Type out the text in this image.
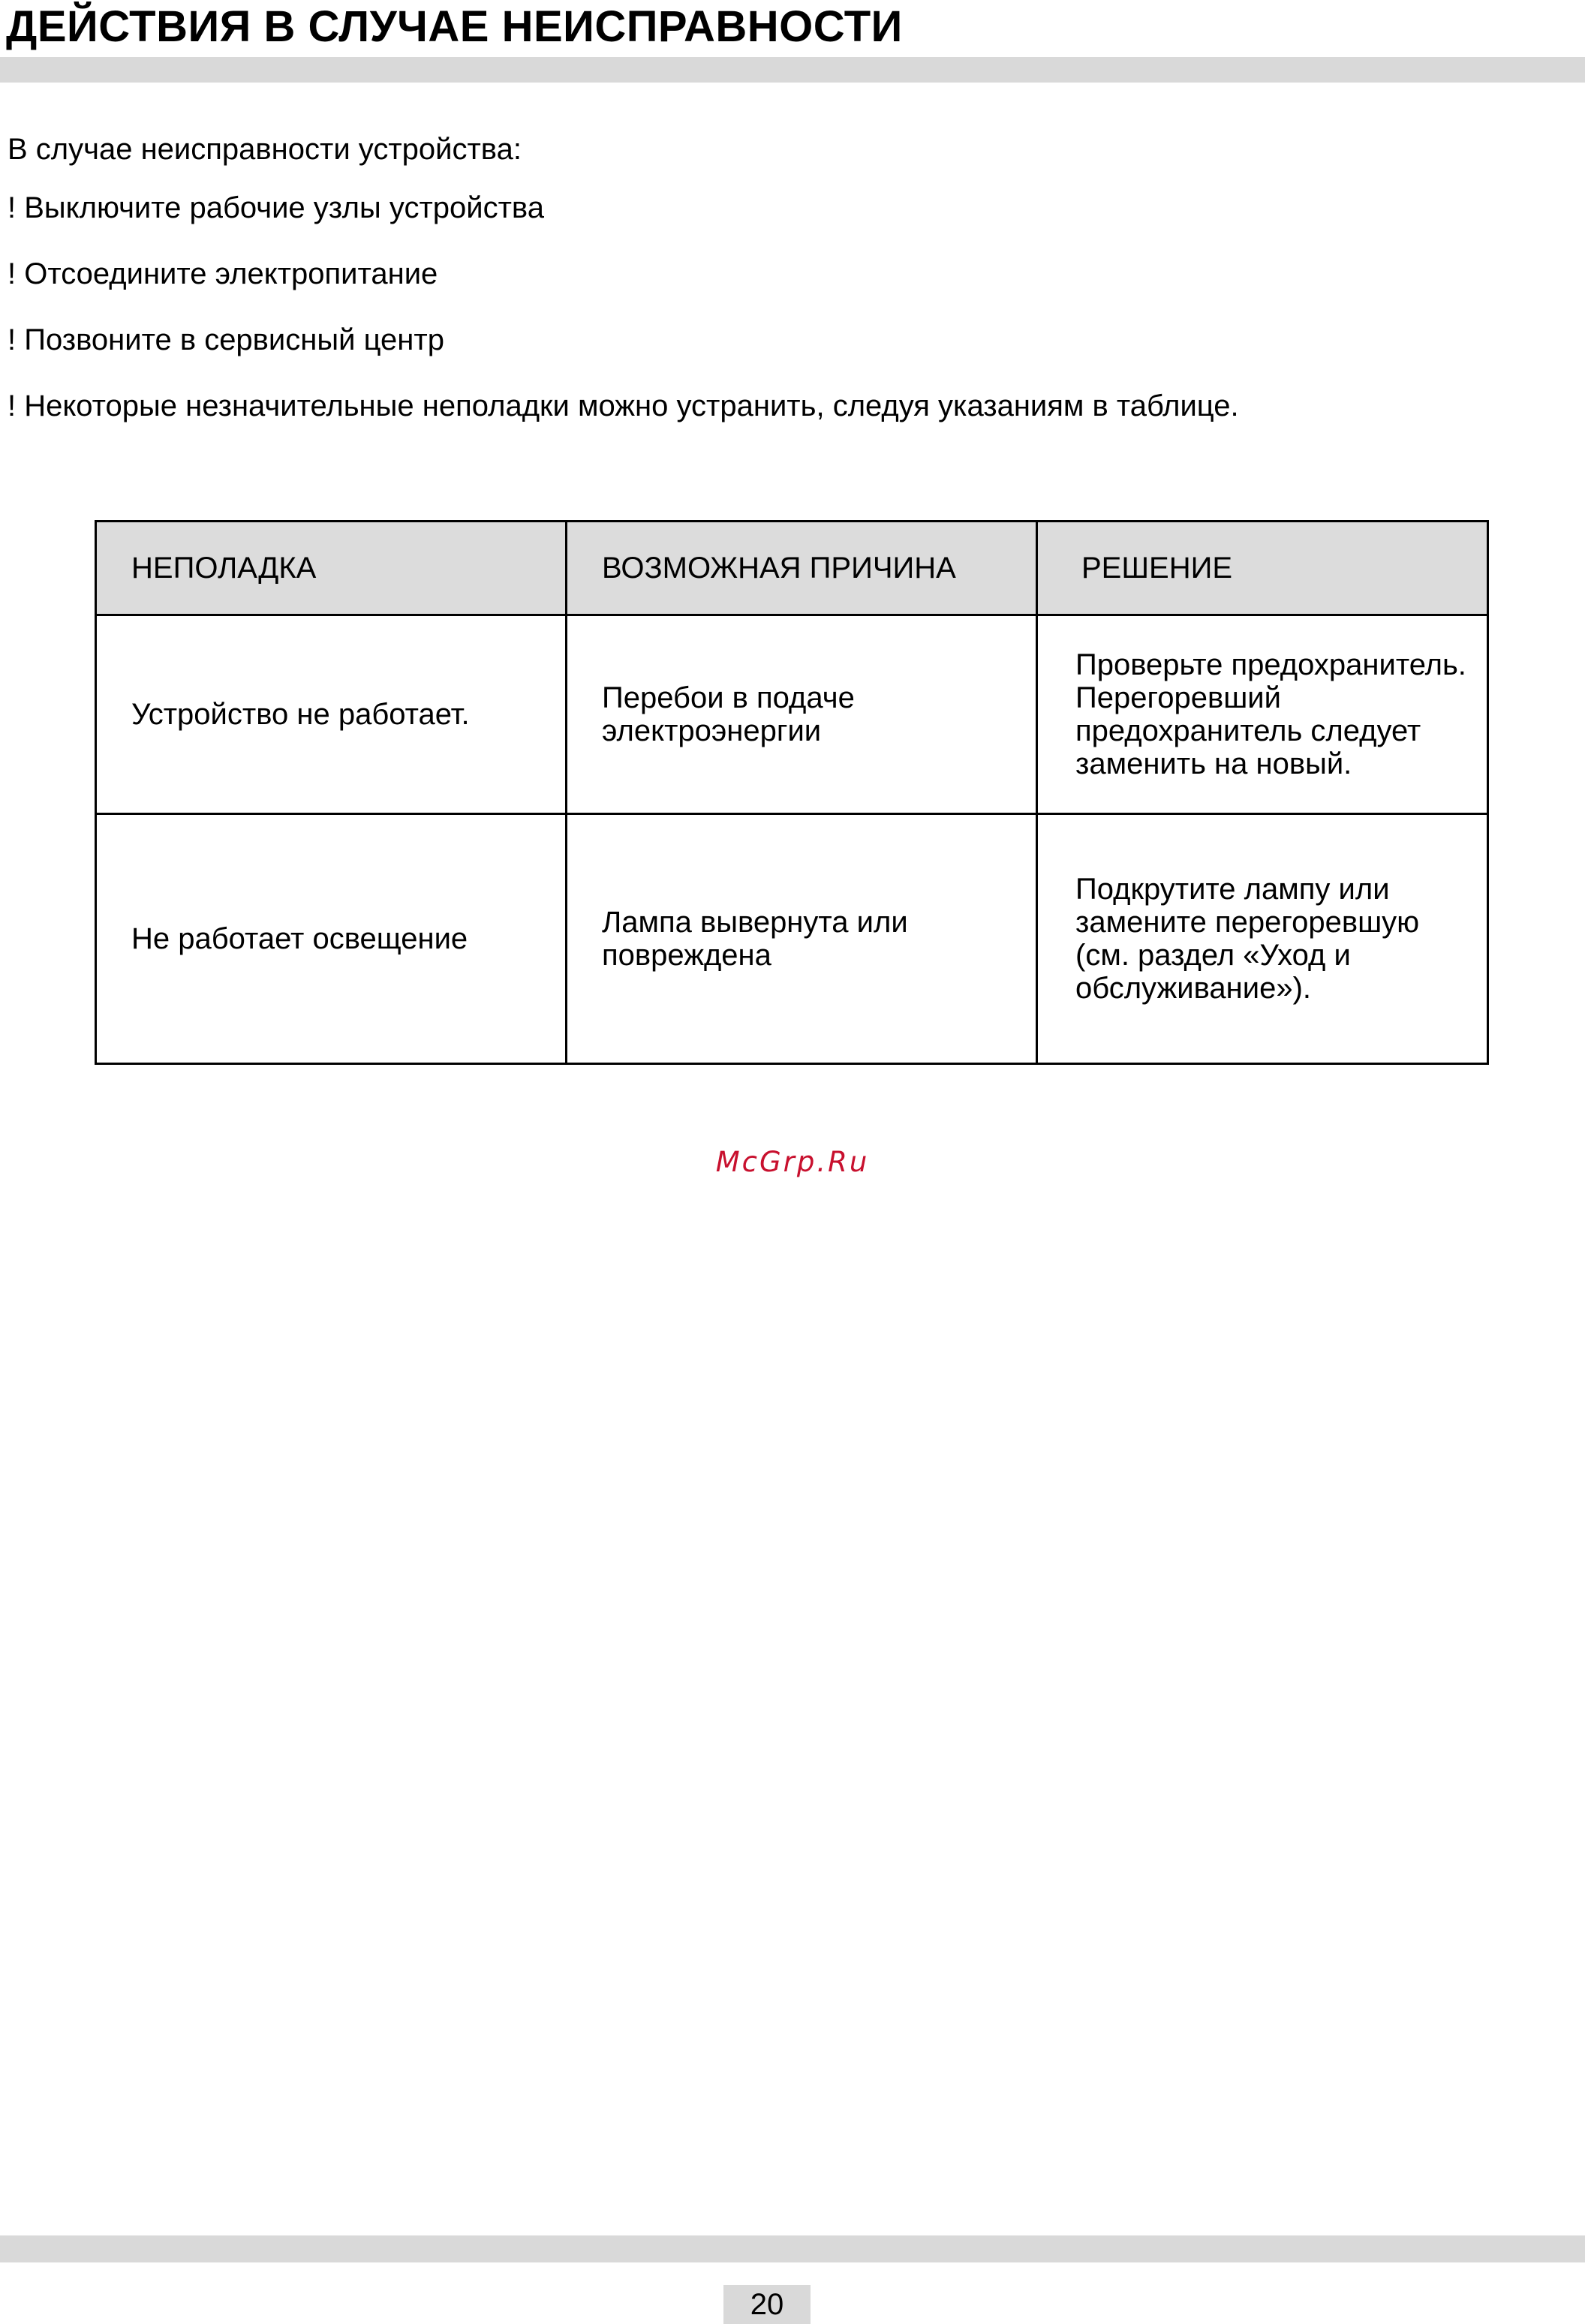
ДЕЙСТВИЯ В СЛУЧАЕ НЕИСПРАВНОСТИ
В случае неисправности устройства:
! Выключите рабочие узлы устройства
! Отсоедините электропитание
! Позвоните в сервисный центр
! Некоторые незначительные неполадки можно устранить, следуя указаниям в таблице.
НЕПОЛАДКА	ВОЗМОЖНАЯ ПРИЧИНА	РЕШЕНИЕ
Устройство не работает.	Перебои в подаче электроэнергии	Проверьте предохранитель. Перегоревший предохранитель следует заменить на новый.
Не работает освещение	Лампа вывернута или повреждена	Подкрутите лампу или замените перегоревшую (см. раздел «Уход и обслуживание»).
McGrp.Ru
20
